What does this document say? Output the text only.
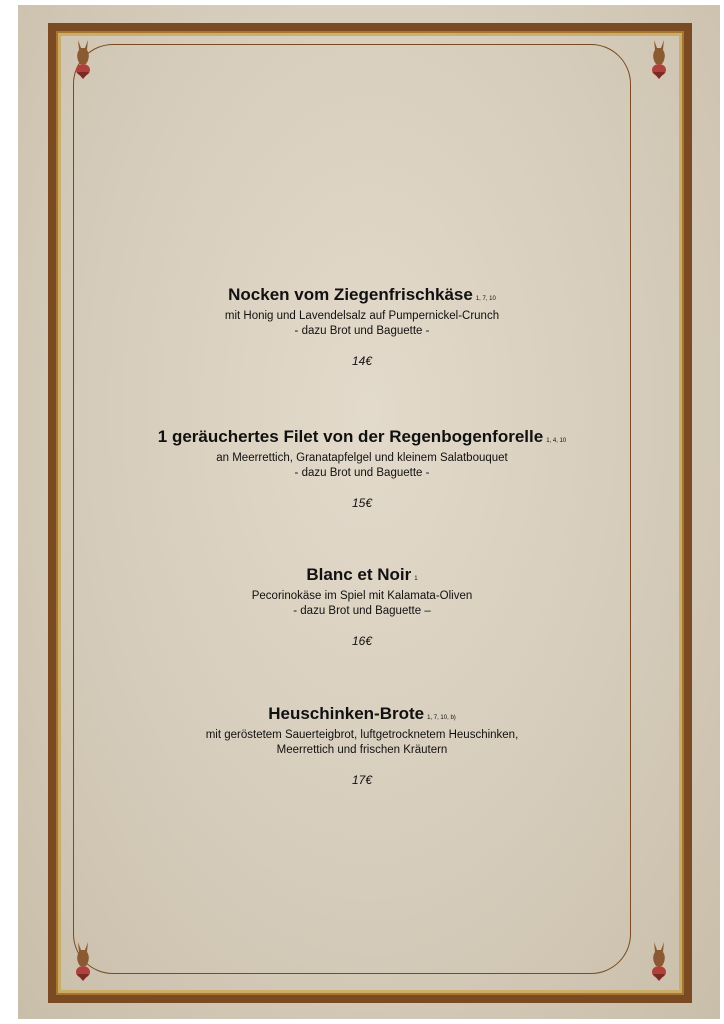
Nocken vom Ziegenfrischkäse 1, 7, 10

mit Honig und Lavendelsalz auf Pumpernickel-Crunch

- dazu Brot und Baguette -

14€

1 geräuchertes Filet von der Regenbogenforelle 1, 4, 10

an Meerrettich, Granatapfelgel und kleinem Salatbouquet

- dazu Brot und Baguette -

15€

Blanc et Noir 1

Pecorinokäse im Spiel mit Kalamata-Oliven

- dazu Brot und Baguette –

16€

Heuschinken-Brote 1, 7, 10, b)

mit geröstetem Sauerteigbrot, luftgetrocknetem Heuschinken,

Meerrettich und frischen Kräutern

17€
